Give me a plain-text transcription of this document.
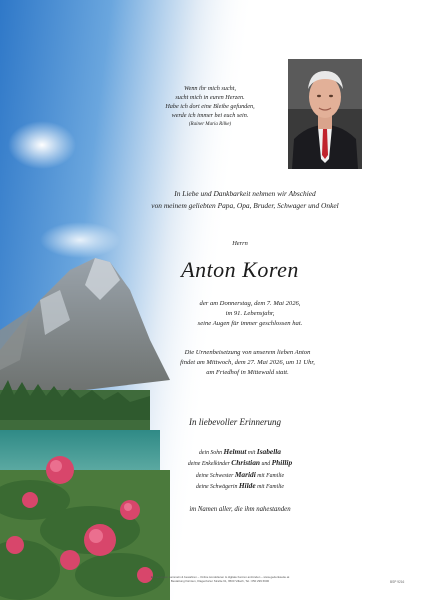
Wenn ihr mich sucht,
sucht mich in euren Herzen.
Habe ich dort eine Bleibe gefunden,
werde ich immer bei euch sein.
(Rainer Maria Rilke)
In Liebe und Dankbarkeit nehmen wir Abschied
von meinem geliebten Papa, Opa, Bruder, Schwager und Onkel
Herrn
Anton Koren
der am Donnerstag, dem 7. Mai 2026,
im 91. Lebensjahr,
seine Augen für immer geschlossen hat.
Die Urnenbeisetzung von unserem lieben Anton
findet am Mittwoch, dem 27. Mai 2026, um 11 Uhr,
am Friedhof in Mittewald statt.
In liebevoller Erinnerung
dein Sohn Helmut mit Isabella
deine Enkelkinder Christian und Phillip
deine Schwester Maridi mit Familie
deine Schwägerin Hilde mit Familie
im Namen aller, die ihm nahestanden
Erinnerungen sammeln & bewahren – Online kondolieren & digitale Kerzen anzünden – www.gedenkseite.at
Bestattung Kärnten, Klagenfurter Straße 61, 9500 Villach, Tel.: 050 299 6600	BSP 9216
